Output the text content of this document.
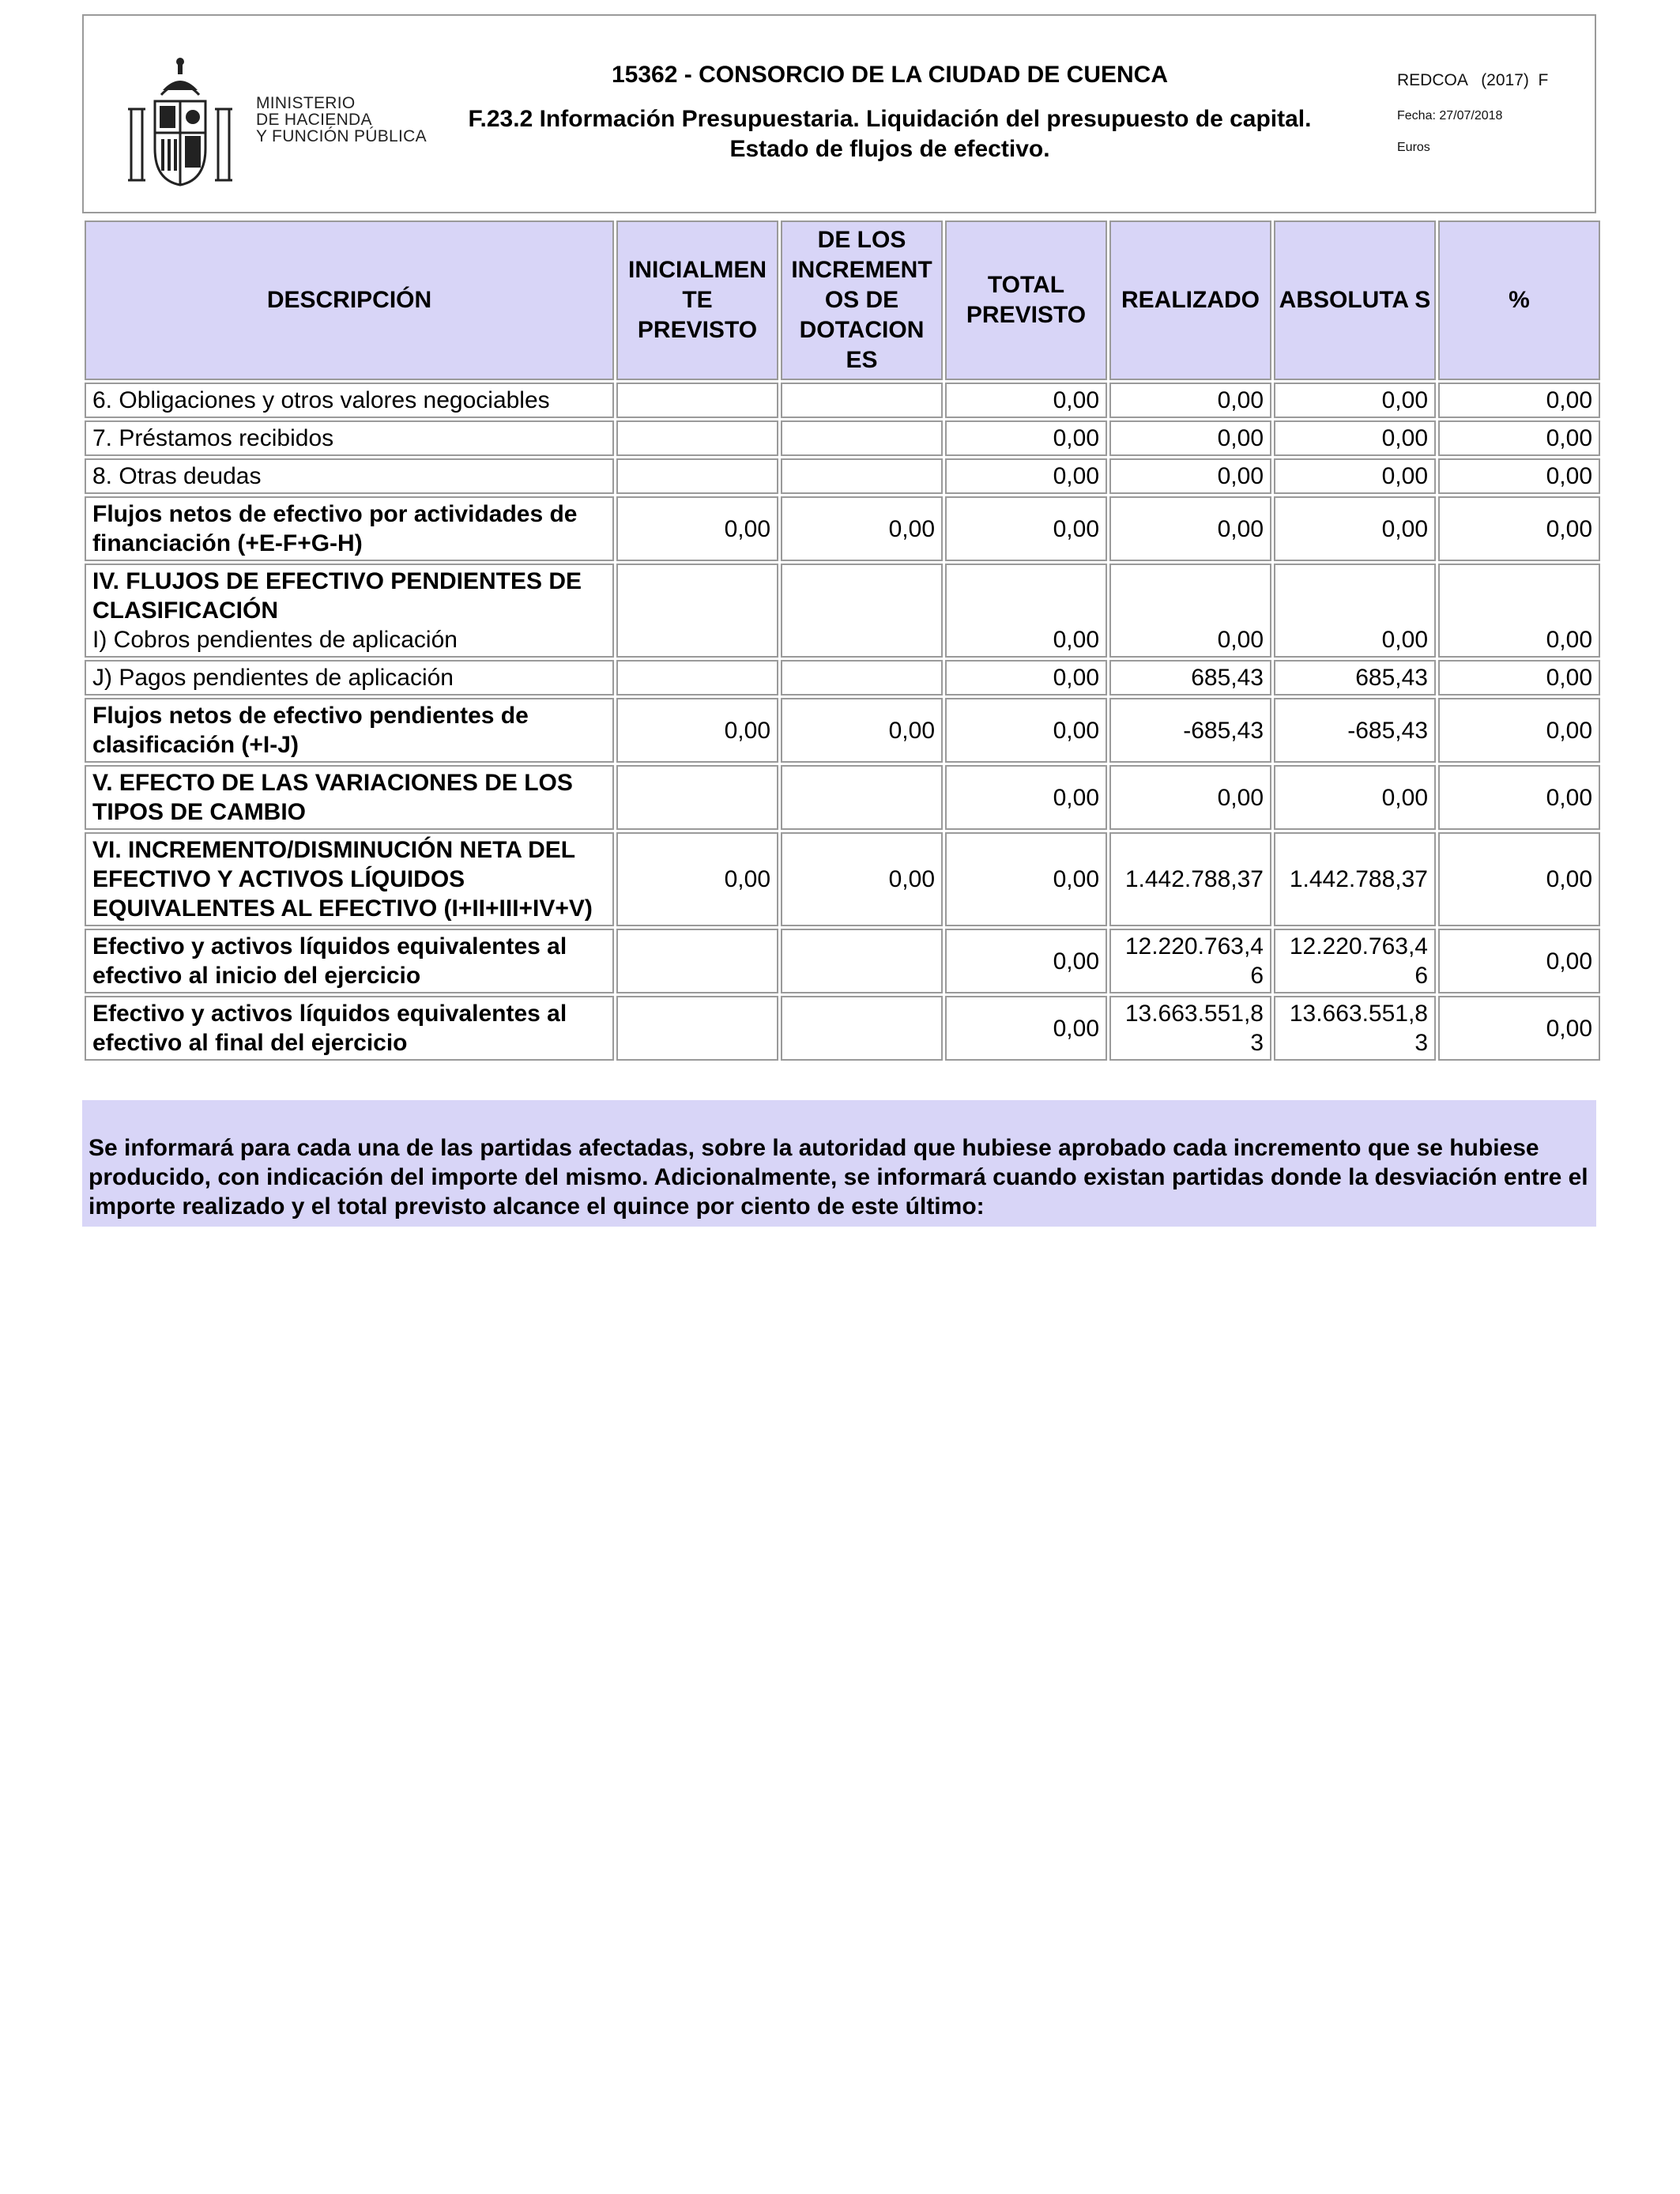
MINISTERIO
DE HACIENDA
Y FUNCIÓN PÚBLICA
15362 - CONSORCIO DE LA CIUDAD DE CUENCA
F.23.2 Información Presupuestaria. Liquidación del presupuesto de capital.
Estado de flujos de efectivo.
REDCOA   (2017)  F
Fecha: 27/07/2018
Euros
DESCRIPCIÓN	INICIALMEN TE PREVISTO	DE LOS INCREMENT OS DE DOTACION ES	TOTAL PREVISTO	REALIZADO	ABSOLUTA S	%

6. Obligaciones y otros valores negociables			0,00	0,00	0,00	0,00

7. Préstamos recibidos			0,00	0,00	0,00	0,00

8. Otras deudas			0,00	0,00	0,00	0,00

Flujos netos de efectivo por actividades de financiación (+E-F+G-H)	0,00	0,00	0,00	0,00	0,00	0,00

IV. FLUJOS DE EFECTIVO PENDIENTES DE CLASIFICACIÓN
I) Cobros pendientes de aplicación			0,00	0,00	0,00	0,00

J) Pagos pendientes de aplicación			0,00	685,43	685,43	0,00

Flujos netos de efectivo pendientes de clasificación (+I-J)	0,00	0,00	0,00	-685,43	-685,43	0,00

V. EFECTO DE LAS VARIACIONES DE LOS TIPOS DE CAMBIO			0,00	0,00	0,00	0,00

VI. INCREMENTO/DISMINUCIÓN NETA DEL EFECTIVO Y ACTIVOS LÍQUIDOS EQUIVALENTES AL EFECTIVO (I+II+III+IV+V)	0,00	0,00	0,00	1.442.788,37	1.442.788,37	0,00

Efectivo y activos líquidos equivalentes al efectivo al inicio del ejercicio			0,00	12.220.763,46	12.220.763,46	0,00

Efectivo y activos líquidos equivalentes al efectivo al final del ejercicio			0,00	13.663.551,83	13.663.551,83	0,00
Se informará para cada una de las partidas afectadas, sobre la autoridad que hubiese aprobado cada incremento que se hubiese producido, con indicación del importe del mismo. Adicionalmente, se informará cuando existan partidas donde la desviación entre el importe realizado y el total previsto alcance el quince por ciento de este último:
